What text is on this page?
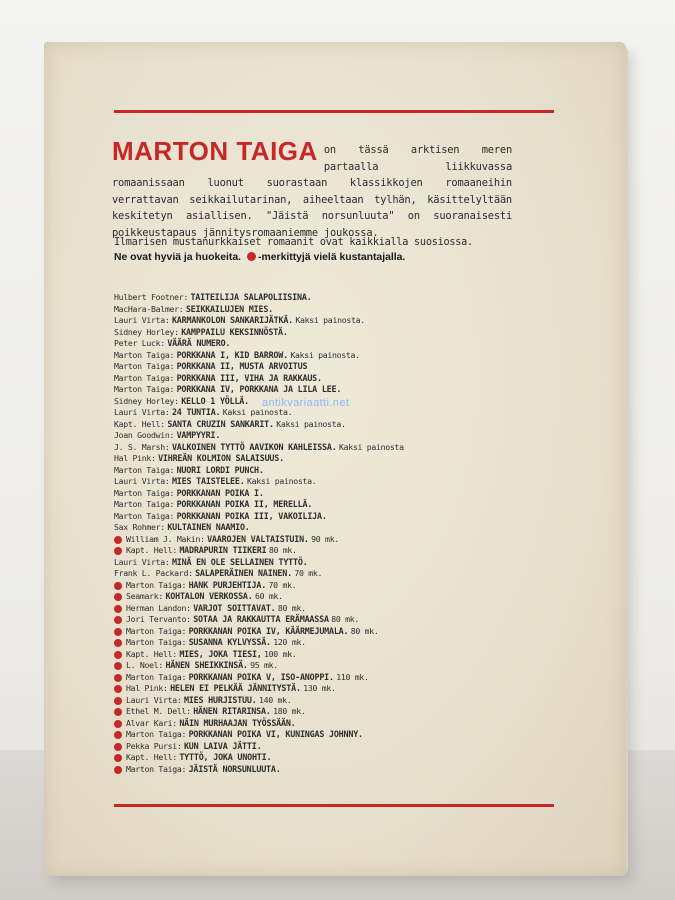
MARTON TAIGA on tässä arktisen meren partaalla liikkuvassa romaanissaan luonut suorastaan klassikkojen romaaneihin verrattavan seikkailutarinan, aiheeltaan tylhän, käsittelyltään keskitetyn asiallisen. "Jäistä norsunluuta" on suoranaisesti poikkeustapaus jännitysromaaniemme joukossa.
Ilmarisen mustanurkkaiset romaanit ovat kaikkialla suosiossa.
Ne ovat hyviä ja huokeita. -merkittyjä vielä kustantajalla.
Hulbert Footner: TAITEILIJA SALAPOLIISINA.
MacHara-Balmer: SEIKKAILUJEN MIES.
Lauri Virta: KARMANKOLON SANKARIJÄTKÄ. Kaksi painosta.
Sidney Horley: KAMPPAILU KEKSINNÖSTÄ.
Peter Luck: VÄÄRÄ NUMERO.
Marton Taiga: PORKKANA I, KID BARROW. Kaksi painosta.
Marton Taiga: PORKKANA II, MUSTA ARVOITUS
Marton Taiga: PORKKANA III, VIHA JA RAKKAUS.
Marton Taiga: PORKKANA IV, PORKKANA JA LILA LEE.
Sidney Horley: KELLO 1 YÖLLÄ.
Lauri Virta: 24 TUNTIA. Kaksi painosta.
Kapt. Hell: SANTA CRUZIN SANKARIT. Kaksi painosta.
Joan Goodwin: VAMPYYRI.
J. S. Marsh: VALKOINEN TYTTÖ AAVIKON KAHLEISSA. Kaksi painosta
Hal Pink: VIHREÄN KOLMION SALAISUUS.
Marton Taiga: NUORI LORDI PUNCH.
Lauri Virta: MIES TAISTELEE. Kaksi painosta.
Marton Taiga: PORKKANAN POIKA I.
Marton Taiga: PORKKANAN POIKA II, MERELLÄ.
Marton Taiga: PORKKANAN POIKA III, VAKOILIJA.
Sax Rohmer: KULTAINEN NAAMIO.
William J. Makin: VAAROJEN VALTAISTUIN. 90 mk.
Kapt. Hell: MADRAPURIN TIIKERI 80 mk.
Lauri Virta: MINÄ EN OLE SELLAINEN TYTTÖ.
Frank L. Packard: SALAPERÄINEN NAINEN. 70 mk.
Marton Taiga: HANK PURJEHTIJA. 70 mk.
Seamark: KOHTALON VERKOSSA. 60 mk.
Herman Landon: VARJOT SOITTAVAT. 80 mk.
Jori Tervanto: SOTAA JA RAKKAUTTA ERÄMAASSA 80 mk.
Marton Taiga: PORKKANAN POIKA IV, KÄÄRMEJUMALA. 80 mk.
Marton Taiga: SUSANNA KYLVYSSÄ. 120 mk.
Kapt. Hell: MIES, JOKA TIESI, 100 mk.
L. Noel: HÄNEN SHEIKKINSÄ. 95 mk.
Marton Taiga: PORKKANAN POIKA V, ISO-ANOPPI. 110 mk.
Hal Pink: HELEN EI PELKÄÄ JÄNNITYSTÄ. 130 mk.
Lauri Virta: MIES HURJISTUU. 140 mk.
Ethel M. Dell: HÄNEN RITARINSA. 180 mk.
Alvar Kari: NÄIN MURHAAJAN TYÖSSÄÄN.
Marton Taiga: PORKKANAN POIKA VI, KUNINGAS JOHNNY.
Pekka Pursi: KUN LAIVA JÄTTI.
Kapt. Hell: TYTTÖ, JOKA UNOHTI.
Marton Taiga: JÄISTÄ NORSUNLUUTA.
antikvariaatti.net
